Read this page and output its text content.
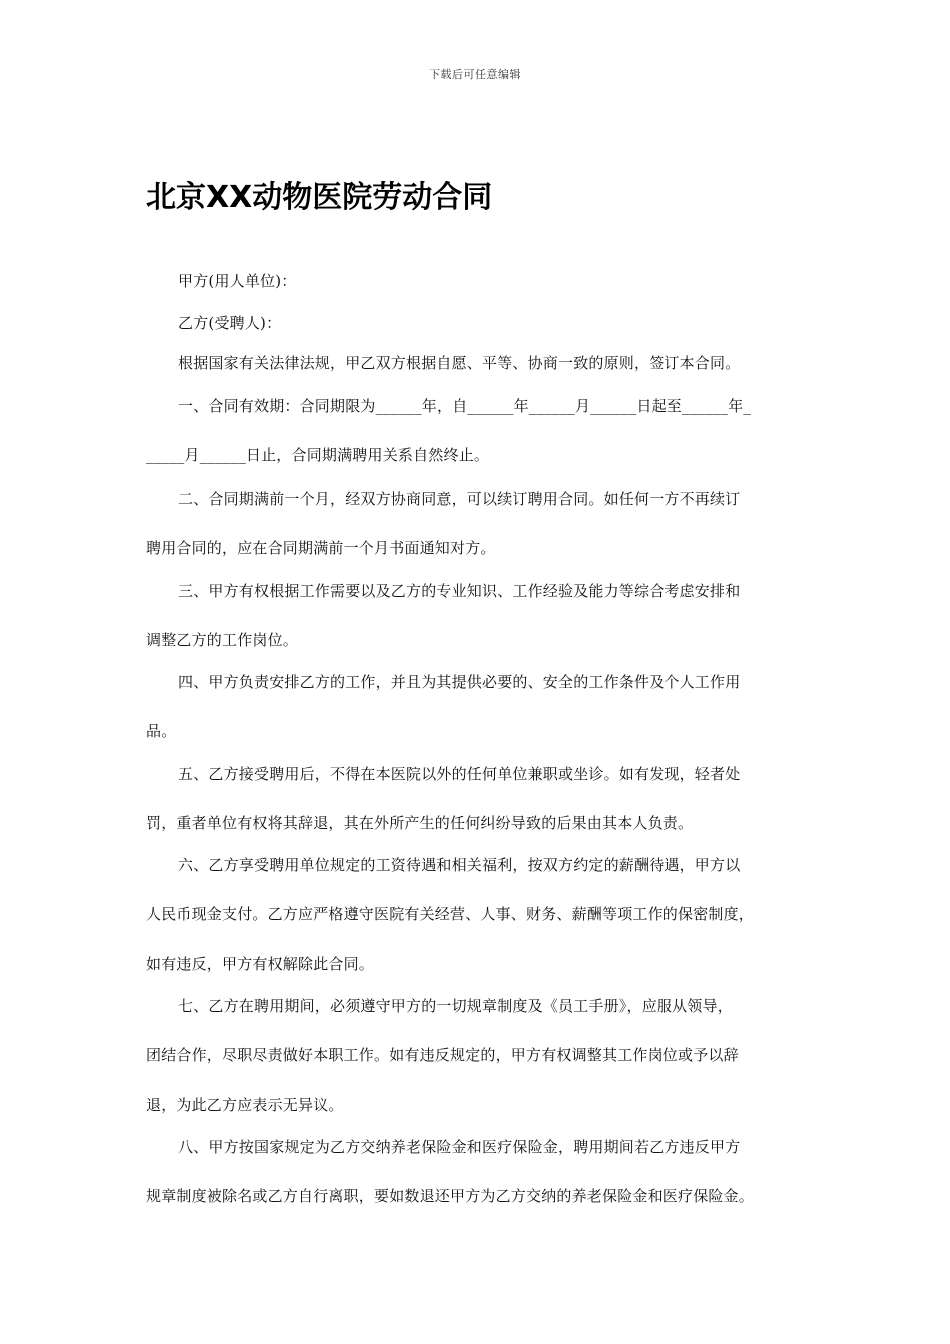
下载后可任意编辑
北京XX动物医院劳动合同
甲方(用人单位)：
乙方(受聘人)：
根据国家有关法律法规，甲乙双方根据自愿、平等、协商一致的原则，签订本合同。
一、合同有效期：合同期限为______年，自______年______月______日起至______年_
_____月______日止，合同期满聘用关系自然终止。
二、合同期满前一个月，经双方协商同意，可以续订聘用合同。如任何一方不再续订
聘用合同的，应在合同期满前一个月书面通知对方。
三、甲方有权根据工作需要以及乙方的专业知识、工作经验及能力等综合考虑安排和
调整乙方的工作岗位。
四、甲方负责安排乙方的工作，并且为其提供必要的、安全的工作条件及个人工作用
品。
五、乙方接受聘用后，不得在本医院以外的任何单位兼职或坐诊。如有发现，轻者处
罚，重者单位有权将其辞退，其在外所产生的任何纠纷导致的后果由其本人负责。
六、乙方享受聘用单位规定的工资待遇和相关福利，按双方约定的薪酬待遇，甲方以
人民币现金支付。乙方应严格遵守医院有关经营、人事、财务、薪酬等项工作的保密制度，
如有违反，甲方有权解除此合同。
七、乙方在聘用期间，必须遵守甲方的一切规章制度及《员工手册》，应服从领导，
团结合作，尽职尽责做好本职工作。如有违反规定的，甲方有权调整其工作岗位或予以辞
退，为此乙方应表示无异议。
八、甲方按国家规定为乙方交纳养老保险金和医疗保险金，聘用期间若乙方违反甲方
规章制度被除名或乙方自行离职，要如数退还甲方为乙方交纳的养老保险金和医疗保险金。
